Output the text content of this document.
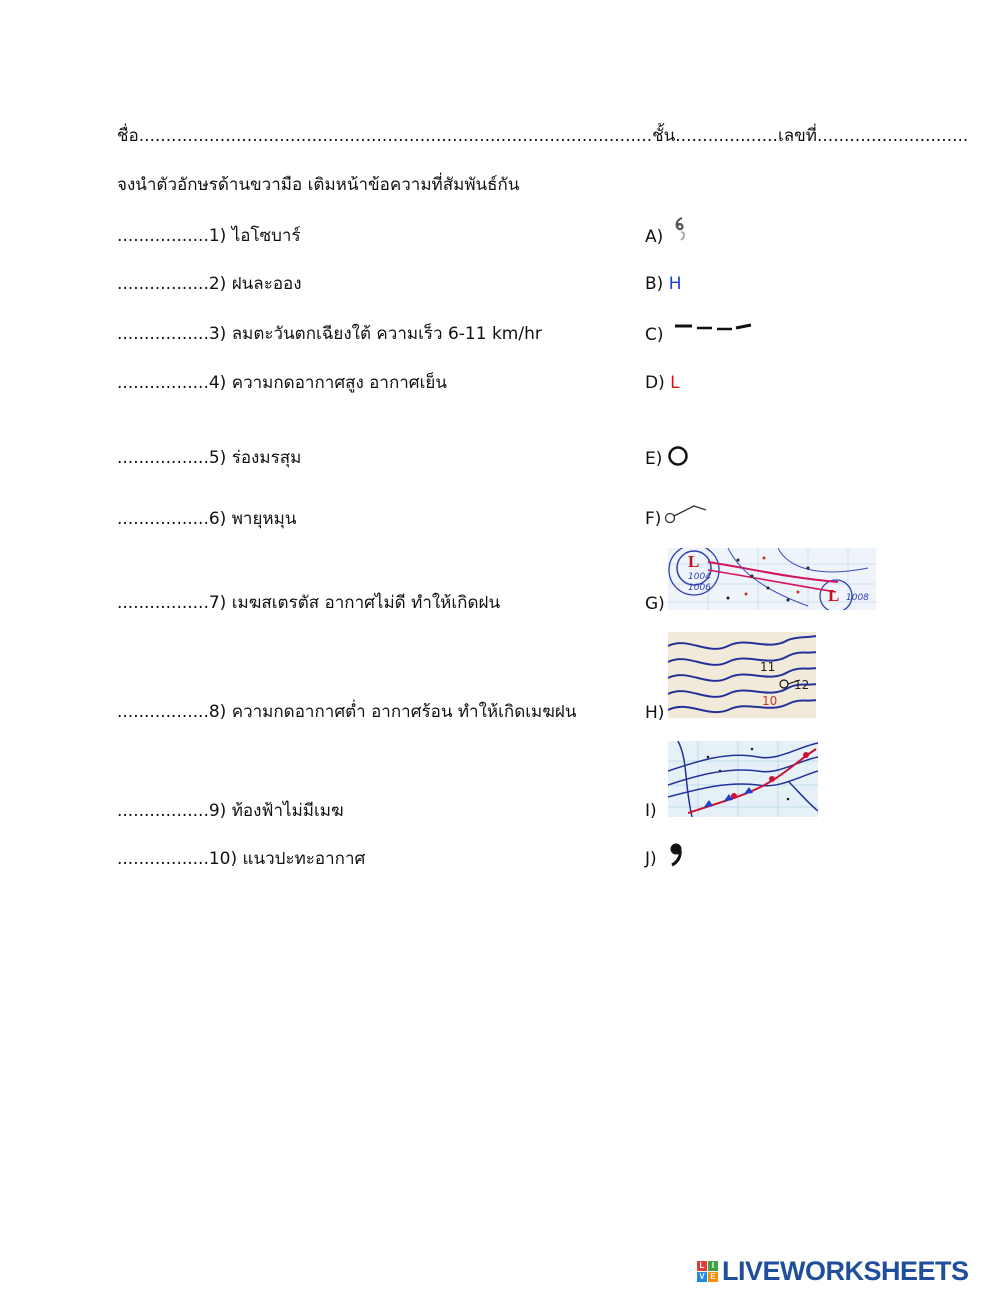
ชื่อ...............................................................................................ชั้น...................เลขที่............................
จงนำตัวอักษรด้านขวามือ เติมหน้าข้อความที่สัมพันธ์กัน
.................1) ไอโซบาร์
.................2) ฝนละออง
.................3) ลมตะวันตกเฉียงใต้ ความเร็ว 6-11 km/hr
.................4) ความกดอากาศสูง อากาศเย็น
.................5) ร่องมรสุม
.................6) พายุหมุน
.................7) เมฆสเตรตัส อากาศไม่ดี ทำให้เกิดฝน
.................8) ความกดอากาศต่ำ อากาศร้อน ทำให้เกิดเมฆฝน
.................9) ท้องฟ้าไม่มีเมฆ
.................10) แนวปะทะอากาศ
A)
B) H
C)
D) L
E)
F)
G)
L
1004
1006	L 1008
H)
11
12
10
I)
J)
L I
V E LIVEWORKSHEETS
